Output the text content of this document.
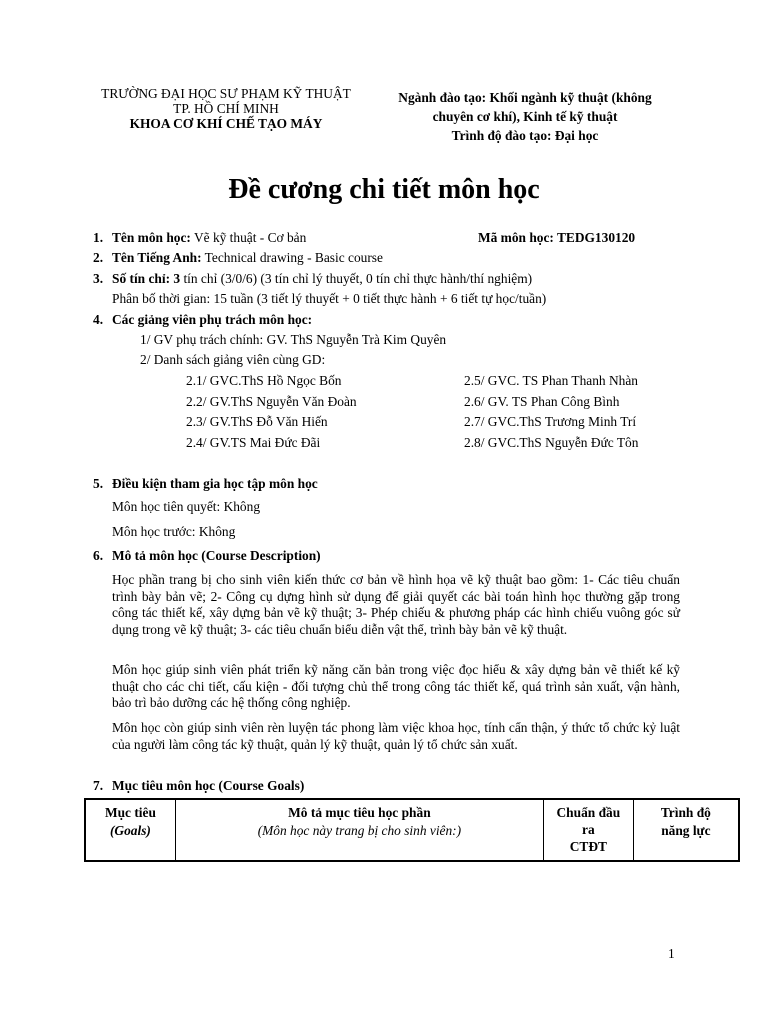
TRƯỜNG ĐẠI HỌC SƯ PHẠM KỸ THUẬT
TP. HỒ CHÍ MINH
KHOA CƠ KHÍ CHẾ TẠO MÁY
Ngành đào tạo: Khối ngành kỹ thuật (không
chuyên cơ khí), Kinh tế kỹ thuật
Trình độ đào tạo: Đại học
Đề cương chi tiết môn học
1. Tên môn học: Vẽ kỹ thuật - Cơ bản	Mã môn học: TEDG130120
2. Tên Tiếng Anh: Technical drawing - Basic course
3. Số tín chỉ: 3 tín chỉ (3/0/6) (3 tín chỉ lý thuyết, 0 tín chỉ thực hành/thí nghiệm)
Phân bố thời gian: 15 tuần (3 tiết lý thuyết + 0 tiết thực hành + 6 tiết tự học/tuần)
4. Các giảng viên phụ trách môn học:
1/ GV phụ trách chính: GV. ThS Nguyễn Trà Kim Quyên
2/ Danh sách giảng viên cùng GD:
2.1/ GVC.ThS Hồ Ngọc Bốn
2.2/ GV.ThS Nguyễn Văn Đoàn
2.3/ GV.ThS Đỗ Văn Hiến
2.4/ GV.TS Mai Đức Đãi
2.5/ GVC. TS Phan Thanh Nhàn
2.6/ GV. TS Phan Công Bình
2.7/ GVC.ThS Trương Minh Trí
2.8/ GVC.ThS Nguyễn Đức Tôn
5. Điều kiện tham gia học tập môn học
Môn học tiên quyết: Không
Môn học trước: Không
6. Mô tả môn học (Course Description)
Học phần trang bị cho sinh viên kiến thức cơ bản về hình họa vẽ kỹ thuật bao gồm: 1- Các tiêu chuẩn trình bày bản vẽ; 2- Công cụ dựng hình sử dụng để giải quyết các bài toán hình học thường gặp trong công tác thiết kế, xây dựng bản vẽ kỹ thuật; 3- Phép chiếu & phương pháp các hình chiếu vuông góc sử dụng trong vẽ kỹ thuật; 3- các tiêu chuẩn biểu diễn vật thể, trình bày bản vẽ kỹ thuật.
Môn học giúp sinh viên phát triển kỹ năng căn bản trong việc đọc hiểu & xây dựng bản vẽ thiết kế kỹ thuật cho các chi tiết, cấu kiện - đối tượng chủ thể trong công tác thiết kế, quá trình sản xuất, vận hành, bảo trì bảo dưỡng các hệ thống công nghiệp.
Môn học còn giúp sinh viên rèn luyện tác phong làm việc khoa học, tính cẩn thận, ý thức tổ chức kỷ luật của người làm công tác kỹ thuật, quản lý kỹ thuật, quản lý tổ chức sản xuất.
7. Mục tiêu môn học (Course Goals)
Mục tiêu
(Goals)

Mô tả mục tiêu học phần
(Môn học này trang bị cho sinh viên:)

Chuẩn đầu
ra
CTĐT

Trình độ
năng lực
1
